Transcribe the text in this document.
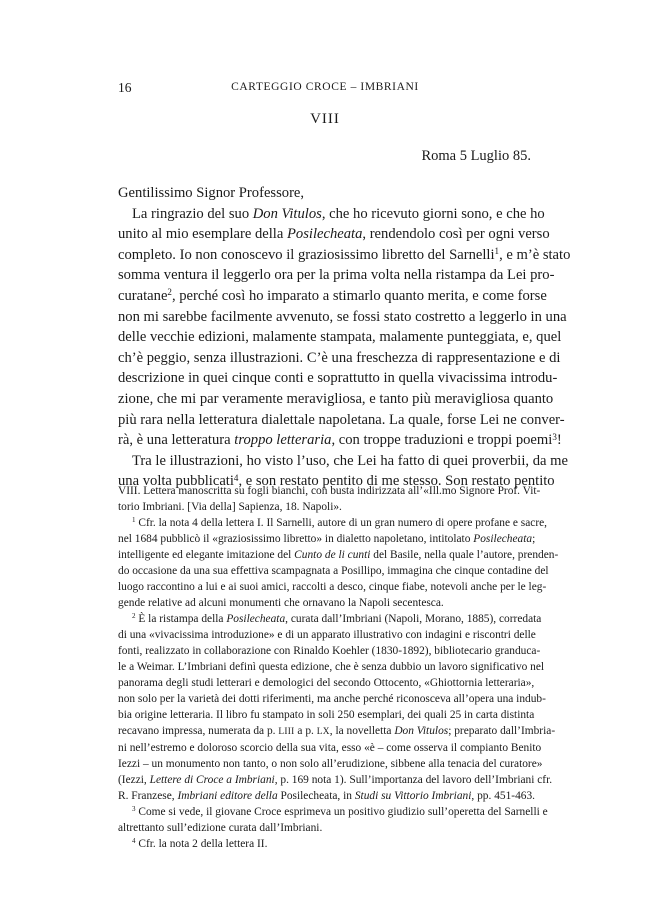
16	CARTEGGIO CROCE – IMBRIANI
VIII
Roma 5 Luglio 85.
Gentilissimo Signor Professore,
La ringrazio del suo Don Vitulos, che ho ricevuto giorni sono, e che ho
unito al mio esemplare della Posilecheata, rendendolo così per ogni verso
completo. Io non conoscevo il graziosissimo libretto del Sarnelli$^1$, e m’è stato
somma ventura il leggerlo ora per la prima volta nella ristampa da Lei pro-
curatane$^2$, perché così ho imparato a stimarlo quanto merita, e come forse
non mi sarebbe facilmente avvenuto, se fossi stato costretto a leggerlo in una
delle vecchie edizioni, malamente stampata, malamente punteggiata, e, quel
ch’è peggio, senza illustrazioni. C’è una freschezza di rappresentazione e di
descrizione in quei cinque conti e soprattutto in quella vivacissima introdu-
zione, che mi par veramente meravigliosa, e tanto più meravigliosa quanto
più rara nella letteratura dialettale napoletana. La quale, forse Lei ne conver-
rà, è una letteratura troppo letteraria, con troppe traduzioni e troppi poemi$^3$!
Tra le illustrazioni, ho visto l’uso, che Lei ha fatto di quei proverbii, da me
una volta pubblicati$^4$, e son restato pentito di me stesso. Son restato pentito
VIII. Lettera manoscritta su fogli bianchi, con busta indirizzata all’«Ill.mo Signore Prof. Vit-
torio Imbriani. [Via della] Sapienza, 18. Napoli».
$^1$ Cfr. la nota 4 della lettera I. Il Sarnelli, autore di un gran numero di opere profane e sacre,
nel 1684 pubblicò il «graziosissimo libretto» in dialetto napoletano, intitolato Posilecheata;
intelligente ed elegante imitazione del Cunto de li cunti del Basile, nella quale l’autore, prenden-
do occasione da una sua effettiva scampagnata a Posillipo, immagina che cinque contadine del
luogo raccontino a lui e ai suoi amici, raccolti a desco, cinque fiabe, notevoli anche per le leg-
gende relative ad alcuni monumenti che ornavano la Napoli secentesca.
$^2$ È la ristampa della Posilecheata, curata dall’Imbriani (Napoli, Morano, 1885), corredata
di una «vivacissima introduzione» e di un apparato illustrativo con indagini e riscontri delle
fonti, realizzato in collaborazione con Rinaldo Koehler (1830-1892), bibliotecario granduca-
le a Weimar. L’Imbriani definì questa edizione, che è senza dubbio un lavoro significativo nel
panorama degli studi letterari e demologici del secondo Ottocento, «Ghiottornia letteraria»,
non solo per la varietà dei dotti riferimenti, ma anche perché riconosceva all’opera una indub-
bia origine letteraria. Il libro fu stampato in soli 250 esemplari, dei quali 25 in carta distinta
recavano impressa, numerata da p. LIII a p. LX, la novelletta Don Vitulos; preparato dall’Imbria-
ni nell’estremo e doloroso scorcio della sua vita, esso «è – come osserva il compianto Benito
Iezzi – un monumento non tanto, o non solo all’erudizione, sibbene alla tenacia del curatore»
(Iezzi, Lettere di Croce a Imbriani, p. 169 nota 1). Sull’importanza del lavoro dell’Imbriani cfr.
R. Franzese, Imbriani editore della Posilecheata, in Studi su Vittorio Imbriani, pp. 451-463.
$^3$ Come si vede, il giovane Croce esprimeva un positivo giudizio sull’operetta del Sarnelli e
altrettanto sull’edizione curata dall’Imbriani.
$^4$ Cfr. la nota 2 della lettera II.
